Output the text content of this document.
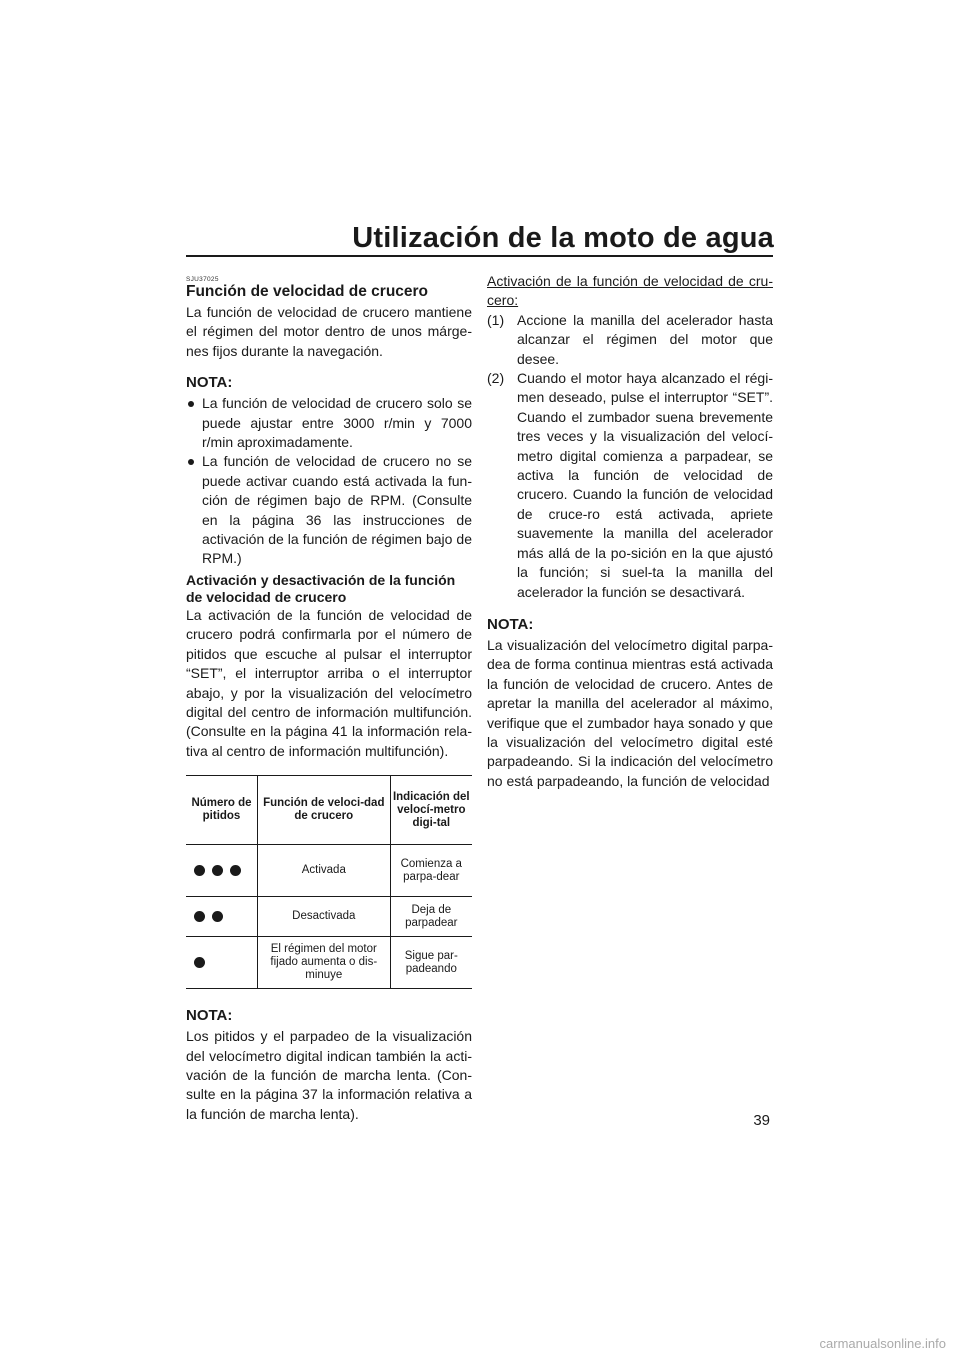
Utilización de la moto de agua
SJU37025
Función de velocidad de crucero

La función de velocidad de crucero mantiene el régimen del motor dentro de unos márge-nes fijos durante la navegación.

NOTA:
La función de velocidad de crucero solo se puede ajustar entre 3000 r/min y 7000 r/min aproximadamente.
La función de velocidad de crucero no se puede activar cuando está activada la fun-ción de régimen bajo de RPM. (Consulte en la página 36 las instrucciones de activación de la función de régimen bajo de RPM.)
Activación y desactivación de la función de velocidad de crucero

La activación de la función de velocidad de crucero podrá confirmarla por el número de pitidos que escuche al pulsar el interruptor “SET”, el interruptor arriba o el interruptor abajo, y por la visualización del velocímetro digital del centro de información multifunción. (Consulte en la página 41 la información rela-tiva al centro de información multifunción).

Número de pitidos	Función de veloci-dad de crucero	Indicación del velocí-metro digi-tal
	Activada	Comienza a parpa-dear
	Desactivada	Deja de parpadear
	El régimen del motor fijado aumenta o dis-minuye	Sigue par-padeando
NOTA:

Los pitidos y el parpadeo de la visualización del velocímetro digital indican también la acti-vación de la función de marcha lenta. (Con-sulte en la página 37 la información relativa a la función de marcha lenta).

Activación de la función de velocidad de cru-cero:

(1) Accione la manilla del acelerador hasta alcanzar el régimen del motor que desee.
(2) Cuando el motor haya alcanzado el régi-men deseado, pulse el interruptor “SET”. Cuando el zumbador suena brevemente tres veces y la visualización del velocí-metro digital comienza a parpadear, se activa la función de velocidad de crucero. Cuando la función de velocidad de cruce-ro está activada, apriete suavemente la manilla del acelerador más allá de la po-sición en la que ajustó la función; si suel-ta la manilla del acelerador la función se desactivará.
NOTA:

La visualización del velocímetro digital parpa-dea de forma continua mientras está activada la función de velocidad de crucero. Antes de apretar la manilla del acelerador al máximo, verifique que el zumbador haya sonado y que la visualización del velocímetro digital esté parpadeando. Si la indicación del velocímetro no está parpadeando, la función de velocidad

39
carmanualsonline.info
